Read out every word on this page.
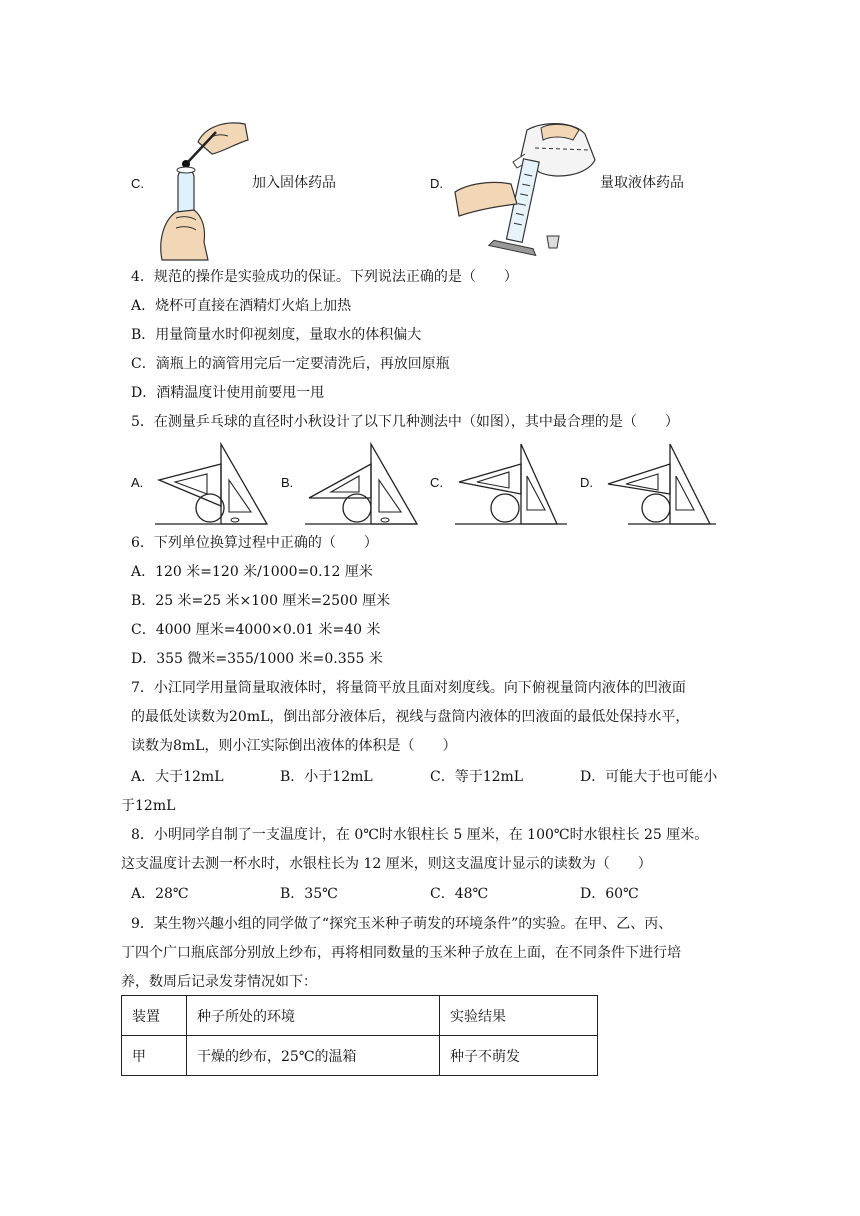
C.	加入固体药品	D.	量取液体药品
4．规范的操作是实验成功的保证。下列说法正确的是（　　）
A．烧杯可直接在酒精灯火焰上加热
B．用量筒量水时仰视刻度，量取水的体积偏大
C．滴瓶上的滴管用完后一定要清洗后，再放回原瓶
D．酒精温度计使用前要甩一甩
5．在测量乒乓球的直径时小秋设计了以下几种测法中（如图），其中最合理的是（　　）
A.	B.	C.	D.
6．下列单位换算过程中正确的（　　）
A．120 米=120 米/1000=0.12 厘米
B．25 米=25 米×100 厘米=2500 厘米
C．4000 厘米=4000×0.01 米=40 米
D．355 微米=355/1000 米=0.355 米
7．小江同学用量筒量取液体时，将量筒平放且面对刻度线。向下俯视量筒内液体的凹液面
的最低处读数为20mL，倒出部分液体后，视线与盘筒内液体的凹液面的最低处保持水平，
读数为8mL，则小江实际倒出液体的体积是（　　）
A．大于12mL	B．小于12mL	C．等于12mL	D．可能大于也可能小
于12mL
8．小明同学自制了一支温度计，在 0℃时水银柱长 5 厘米，在 100℃时水银柱长 25 厘米。
这支温度计去测一杯水时，水银柱长为 12 厘米，则这支温度计显示的读数为（　　）
A．28℃	B．35℃	C．48℃	D．60℃
9．某生物兴趣小组的同学做了“探究玉米种子萌发的环境条件”的实验。在甲、乙、丙、
丁四个广口瓶底部分别放上纱布，再将相同数量的玉米种子放在上面，在不同条件下进行培
养，数周后记录发芽情况如下：
装置	种子所处的环境	实验结果
甲	干燥的纱布，25℃的温箱	种子不萌发
